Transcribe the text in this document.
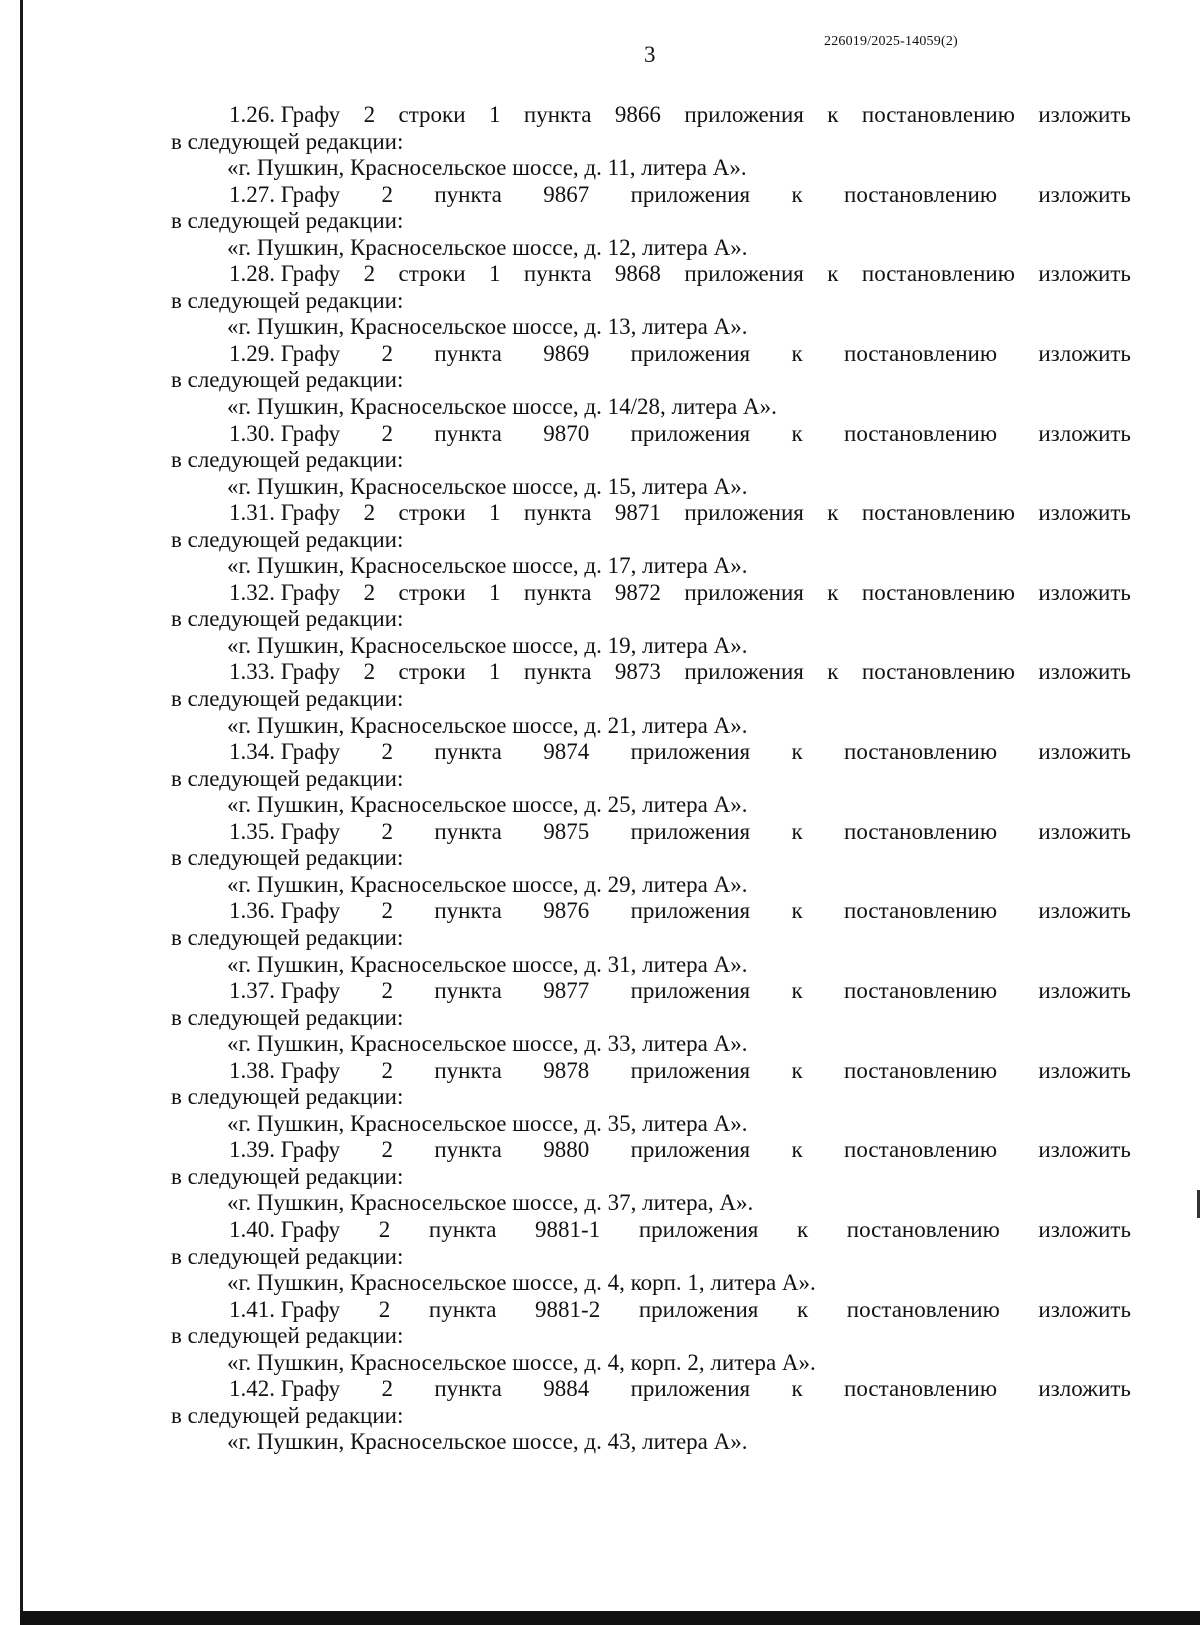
3
226019/2025-14059(2)
1.26. Графу 2 строки 1 пункта 9866 приложения к постановлению изложить
в следующей редакции:
«г. Пушкин, Красносельское шоссе, д. 11, литера А».
1.27. Графу 2 пункта 9867 приложения к постановлению изложить
в следующей редакции:
«г. Пушкин, Красносельское шоссе, д. 12, литера А».
1.28. Графу 2 строки 1 пункта 9868 приложения к постановлению изложить
в следующей редакции:
«г. Пушкин, Красносельское шоссе, д. 13, литера А».
1.29. Графу 2 пункта 9869 приложения к постановлению изложить
в следующей редакции:
«г. Пушкин, Красносельское шоссе, д. 14/28, литера А».
1.30. Графу 2 пункта 9870 приложения к постановлению изложить
в следующей редакции:
«г. Пушкин, Красносельское шоссе, д. 15, литера А».
1.31. Графу 2 строки 1 пункта 9871 приложения к постановлению изложить
в следующей редакции:
«г. Пушкин, Красносельское шоссе, д. 17, литера А».
1.32. Графу 2 строки 1 пункта 9872 приложения к постановлению изложить
в следующей редакции:
«г. Пушкин, Красносельское шоссе, д. 19, литера А».
1.33. Графу 2 строки 1 пункта 9873 приложения к постановлению изложить
в следующей редакции:
«г. Пушкин, Красносельское шоссе, д. 21, литера А».
1.34. Графу 2 пункта 9874 приложения к постановлению изложить
в следующей редакции:
«г. Пушкин, Красносельское шоссе, д. 25, литера А».
1.35. Графу 2 пункта 9875 приложения к постановлению изложить
в следующей редакции:
«г. Пушкин, Красносельское шоссе, д. 29, литера А».
1.36. Графу 2 пункта 9876 приложения к постановлению изложить
в следующей редакции:
«г. Пушкин, Красносельское шоссе, д. 31, литера А».
1.37. Графу 2 пункта 9877 приложения к постановлению изложить
в следующей редакции:
«г. Пушкин, Красносельское шоссе, д. 33, литера А».
1.38. Графу 2 пункта 9878 приложения к постановлению изложить
в следующей редакции:
«г. Пушкин, Красносельское шоссе, д. 35, литера А».
1.39. Графу 2 пункта 9880 приложения к постановлению изложить
в следующей редакции:
«г. Пушкин, Красносельское шоссе, д. 37, литера, А».
1.40. Графу 2 пункта 9881-1 приложения к постановлению изложить
в следующей редакции:
«г. Пушкин, Красносельское шоссе, д. 4, корп. 1, литера А».
1.41. Графу 2 пункта 9881-2 приложения к постановлению изложить
в следующей редакции:
«г. Пушкин, Красносельское шоссе, д. 4, корп. 2, литера А».
1.42. Графу 2 пункта 9884 приложения к постановлению изложить
в следующей редакции:
«г. Пушкин, Красносельское шоссе, д. 43, литера А».
